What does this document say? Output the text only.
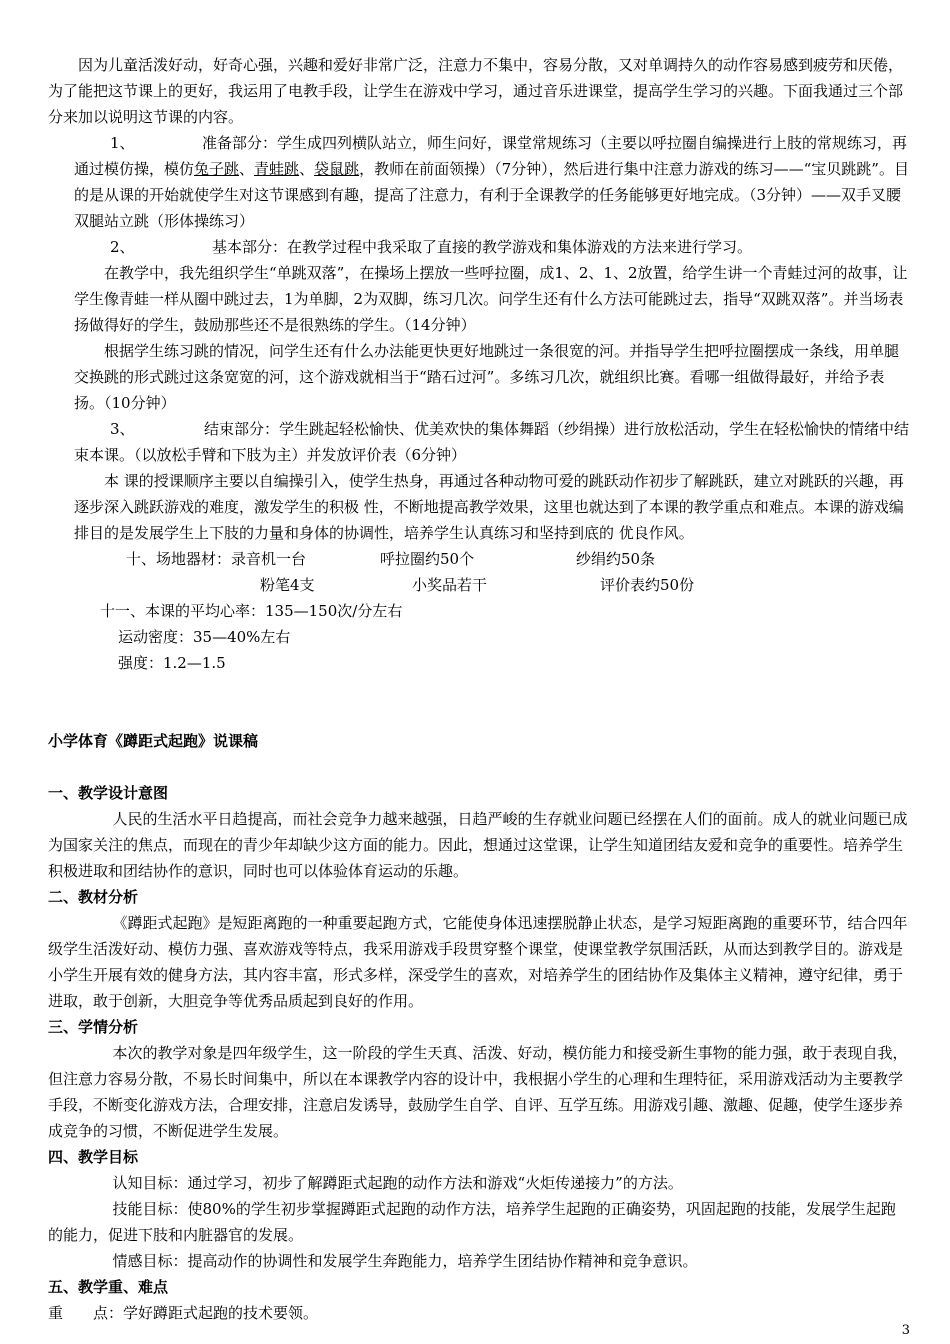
因为儿童活泼好动，好奇心强，兴趣和爱好非常广泛，注意力不集中，容易分散，又对单调持久的动作容易感到疲劳和厌倦，为了能把这节课上的更好，我运用了电教手段，让学生在游戏中学习，通过音乐进课堂，提高学生学习的兴趣。下面我通过三个部分来加以说明这节课的内容。

1、	准备部分：学生成四列横队站立，师生问好，课堂常规练习（主要以呼拉圈自编操进行上肢的常规练习，再通过模仿操，模仿兔子跳、青蛙跳、袋鼠跳，教师在前面领操）（7分钟），然后进行集中注意力游戏的练习——“宝贝跳跳”。目的是从课的开始就使学生对这节课感到有趣，提高了注意力，有利于全课教学的任务能够更好地完成。（3分钟）——双手叉腰双腿站立跳（形体操练习）

2、	基本部分：在教学过程中我采取了直接的教学游戏和集体游戏的方法来进行学习。

在教学中，我先组织学生“单跳双落”，在操场上摆放一些呼拉圈，成1、2、1、2放置，给学生讲一个青蛙过河的故事，让学生像青蛙一样从圈中跳过去，1为单脚，2为双脚，练习几次。问学生还有什么方法可能跳过去，指导“双跳双落”。并当场表扬做得好的学生，鼓励那些还不是很熟练的学生。（14分钟）

根据学生练习跳的情况，问学生还有什么办法能更快更好地跳过一条很宽的河。并指导学生把呼拉圈摆成一条线，用单腿交换跳的形式跳过这条宽宽的河，这个游戏就相当于“踏石过河”。多练习几次，就组织比赛。看哪一组做得最好，并给予表扬。（10分钟）

3、	结束部分：学生跳起轻松愉快、优美欢快的集体舞蹈（纱绢操）进行放松活动，学生在轻松愉快的情绪中结束本课。（以放松手臂和下肢为主）并发放评价表（6分钟）

本 课的授课顺序主要以自编操引入，使学生热身，再通过各种动物可爱的跳跃动作初步了解跳跃，建立对跳跃的兴趣，再逐步深入跳跃游戏的难度，激发学生的积极 性，不断地提高教学效果，这里也就达到了本课的教学重点和难点。本课的游戏编排目的是发展学生上下肢的力量和身体的协调性，培养学生认真练习和坚持到底的 优良作风。

十、场地器材：录音机一台	呼拉圈约50个	纱绢约50条
粉笔4支	小奖品若干	评价表约50份

十一、本课的平均心率：135—150次/分左右

运动密度：35—40%左右

强度：1.2—1.5

小学体育《蹲距式起跑》说课稿

一、教学设计意图

人民的生活水平日趋提高，而社会竞争力越来越强，日趋严峻的生存就业问题已经摆在人们的面前。成人的就业问题已成为国家关注的焦点，而现在的青少年却缺少这方面的能力。因此，想通过这堂课，让学生知道团结友爱和竞争的重要性。培养学生积极进取和团结协作的意识，同时也可以体验体育运动的乐趣。

二、教材分析

《蹲距式起跑》是短距离跑的一种重要起跑方式，它能使身体迅速摆脱静止状态，是学习短距离跑的重要环节，结合四年级学生活泼好动、模仿力强、喜欢游戏等特点，我采用游戏手段贯穿整个课堂，使课堂教学氛围活跃，从而达到教学目的。游戏是小学生开展有效的健身方法，其内容丰富，形式多样，深受学生的喜欢，对培养学生的团结协作及集体主义精神，遵守纪律，勇于进取，敢于创新，大胆竞争等优秀品质起到良好的作用。

三、学情分析

本次的教学对象是四年级学生，这一阶段的学生天真、活泼、好动，模仿能力和接受新生事物的能力强，敢于表现自我，但注意力容易分散，不易长时间集中，所以在本课教学内容的设计中，我根据小学生的心理和生理特征，采用游戏活动为主要教学手段，不断变化游戏方法，合理安排，注意启发诱导，鼓励学生自学、自评、互学互练。用游戏引趣、激趣、促趣，使学生逐步养成竞争的习惯，不断促进学生发展。

四、教学目标

认知目标：通过学习，初步了解蹲距式起跑的动作方法和游戏“火炬传递接力”的方法。

技能目标：使80%的学生初步掌握蹲距式起跑的动作方法，培养学生起跑的正确姿势，巩固起跑的技能，发展学生起跑的能力，促进下肢和内脏器官的发展。

情感目标：提高动作的协调性和发展学生奔跑能力，培养学生团结协作精神和竞争意识。

五、教学重、难点

重　　点：学好蹲距式起跑的技术要领。

3
